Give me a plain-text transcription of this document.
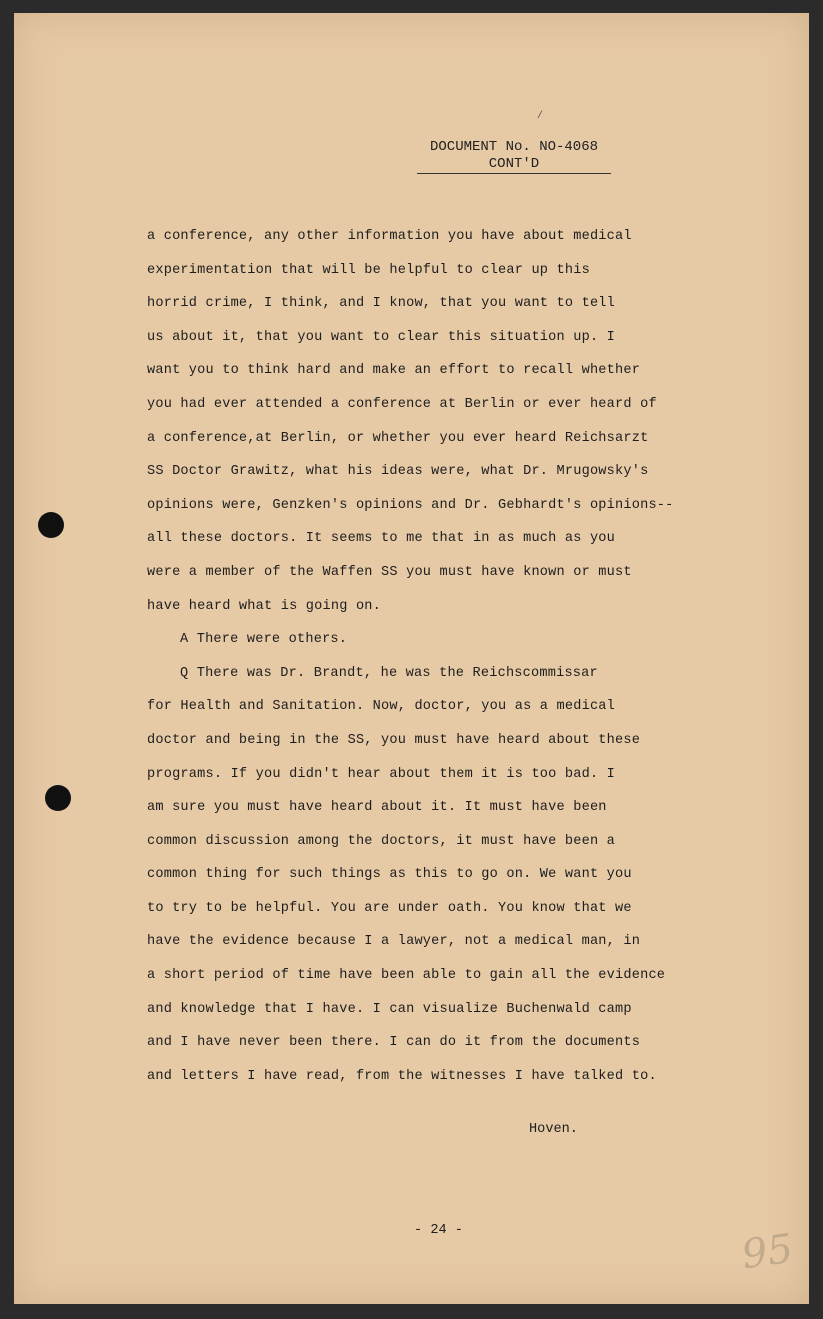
/
DOCUMENT No. NO-4068
CONT'D
a conference, any other information you have about medical
experimentation that will be helpful to clear up this
horrid crime, I think, and I know, that you want to tell
us about it, that you want to clear this situation up. I
want you to think hard and make an effort to recall whether
you had ever attended a conference at Berlin or ever heard of
a conference,at Berlin, or whether you ever heard Reichsarzt
SS Doctor Grawitz, what his ideas were, what Dr. Mrugowsky's
opinions were, Genzken's opinions and Dr. Gebhardt's opinions--
all these doctors. It seems to me that in as much as you
were a member of the Waffen SS you must have known or must
have heard what is going on.
A There were others.
Q There was Dr. Brandt, he was the Reichscommissar
for Health and Sanitation. Now, doctor, you as a medical
doctor and being in the SS, you must have heard about these
programs. If you didn't hear about them it is too bad. I
am sure you must have heard about it. It must have been
common discussion among the doctors, it must have been a
common thing for such things as this to go on. We want you
to try to be helpful. You are under oath. You know that we
have the evidence because I a lawyer, not a medical man, in
a short period of time have been able to gain all the evidence
and knowledge that I have. I can visualize Buchenwald camp
and I have never been there. I can do it from the documents
and letters I have read, from the witnesses I have talked to.
Hoven.
- 24 -	95
